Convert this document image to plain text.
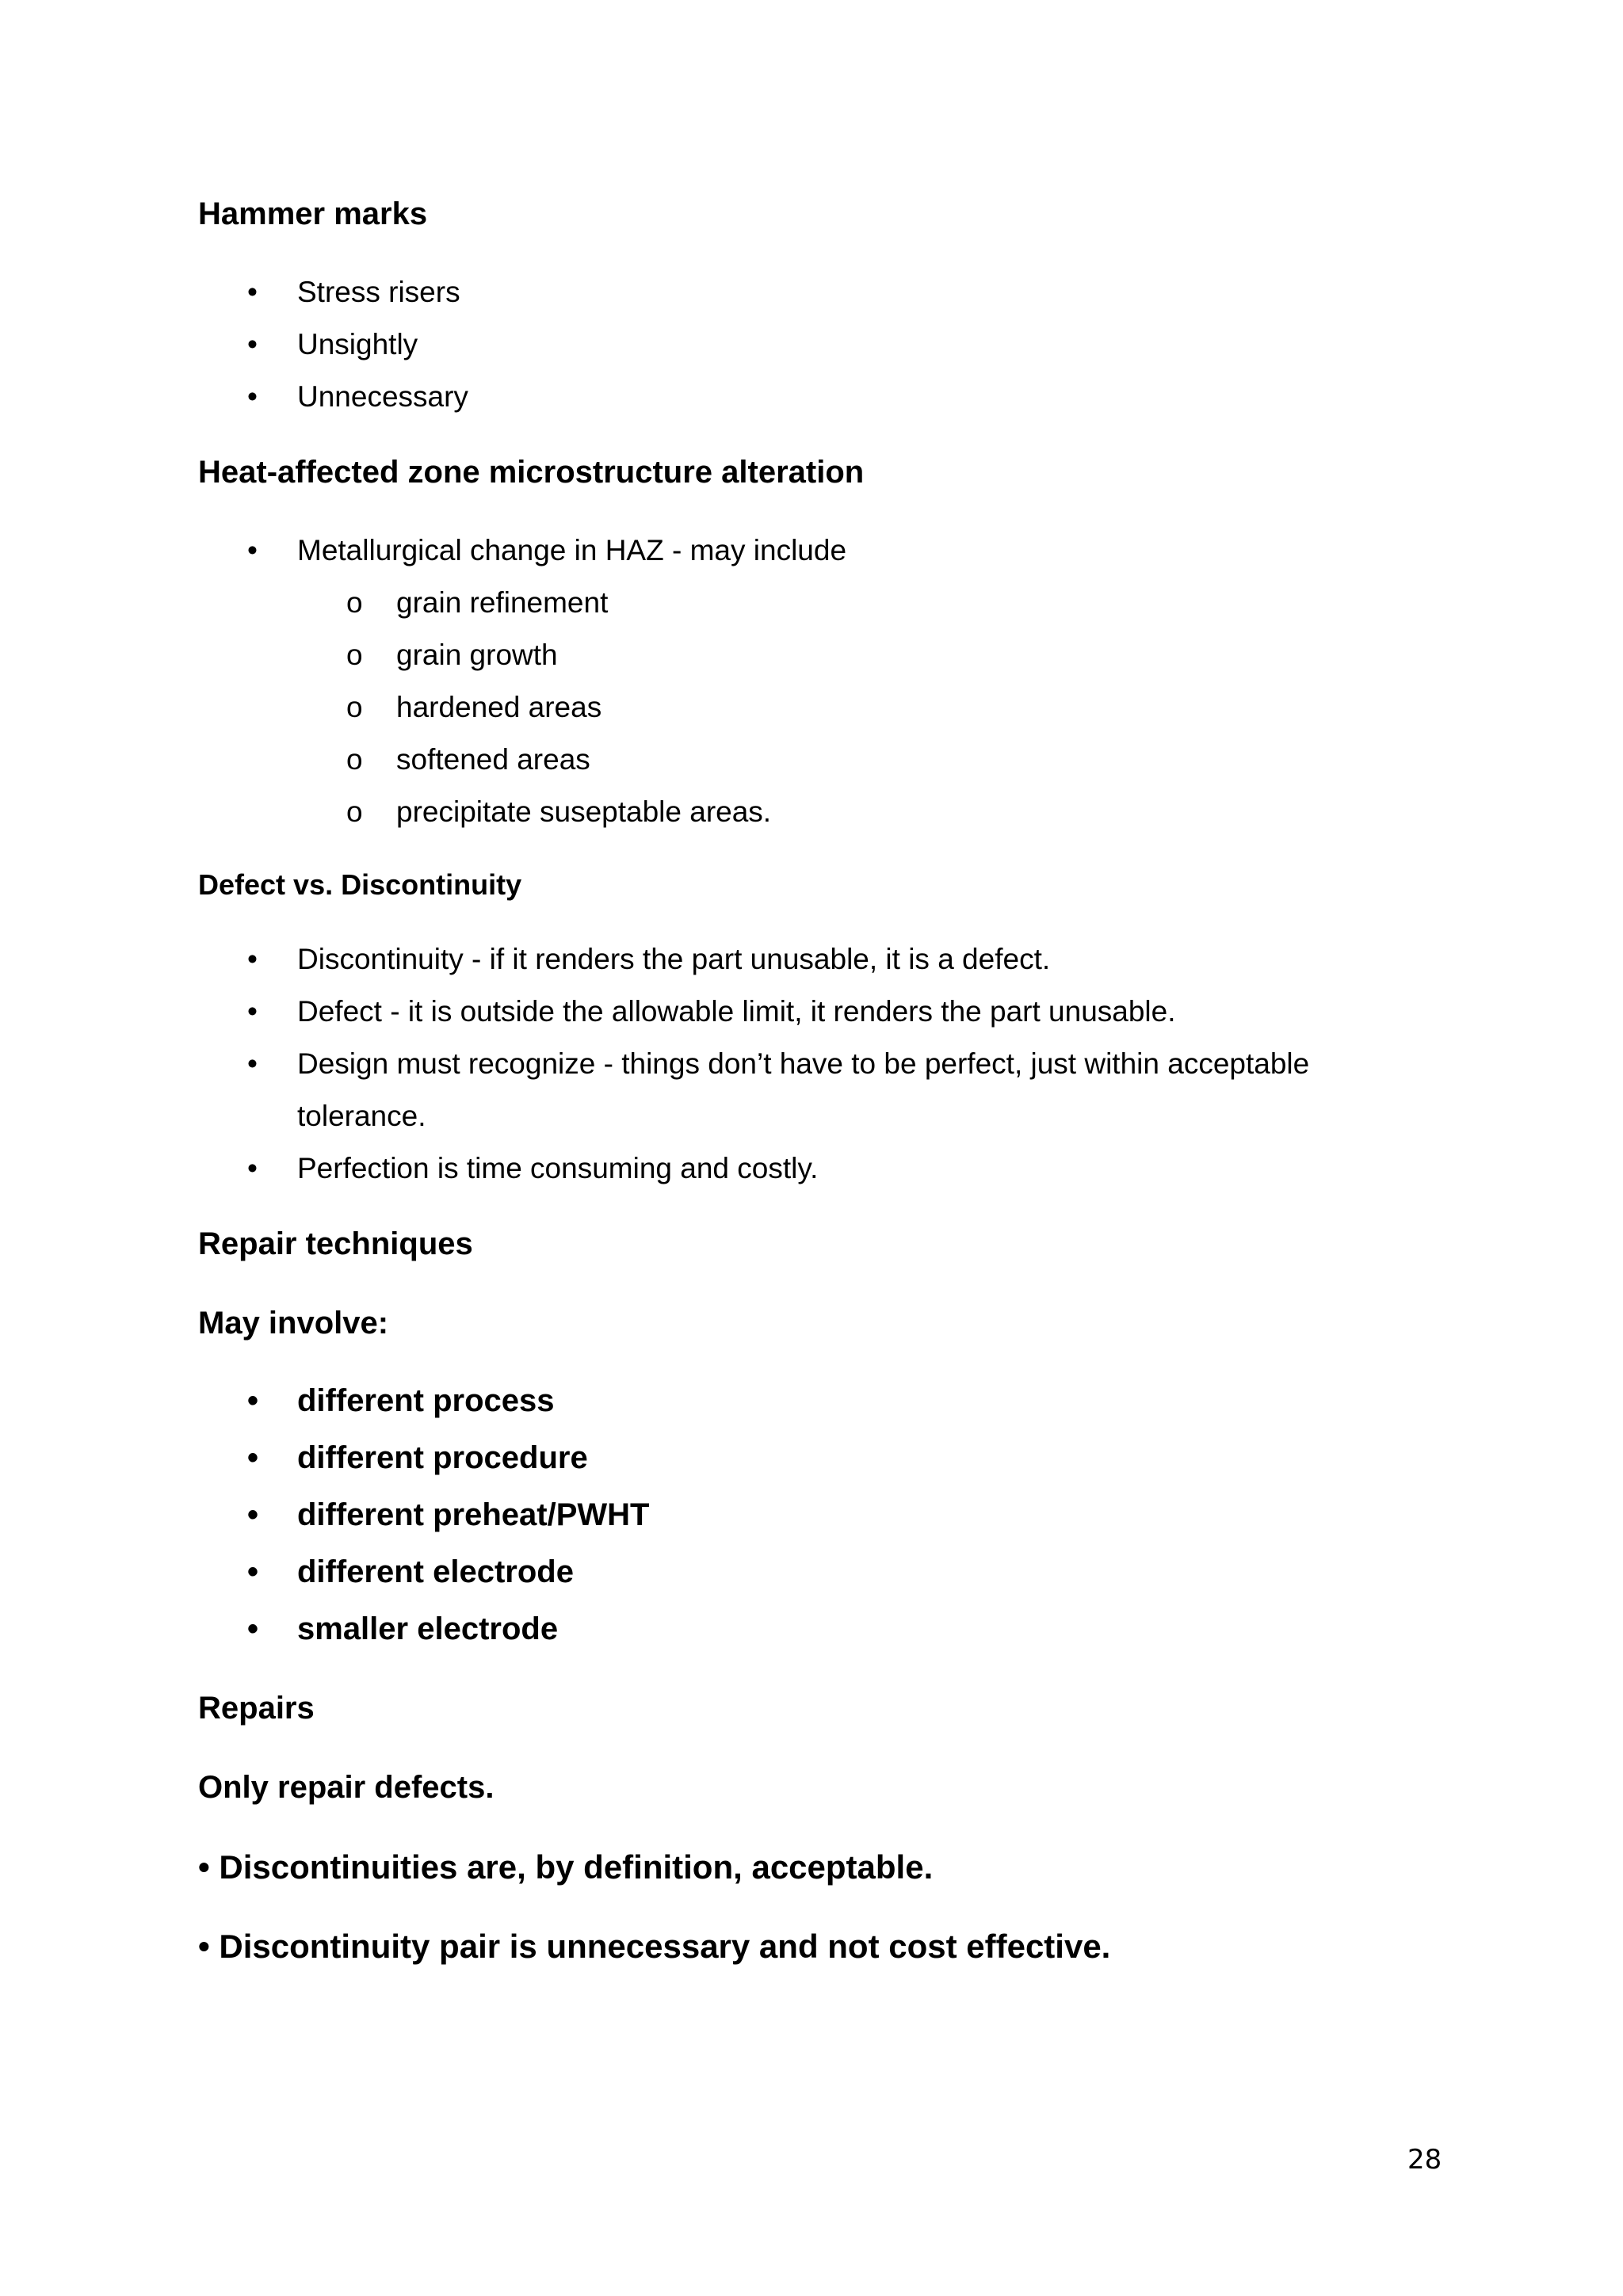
Hammer marks
• Stress risers
• Unsightly
• Unnecessary
Heat-affected zone microstructure alteration
• Metallurgical change in HAZ - may include
o grain refinement
o grain growth
o hardened areas
o softened areas
o precipitate suseptable areas.
Defect vs. Discontinuity
• Discontinuity - if it renders the part unusable, it is a defect.
• Defect - it is outside the allowable limit, it renders the part unusable.
• Design must recognize - things don’t have to be perfect, just within acceptable
tolerance.
• Perfection is time consuming and costly.
Repair techniques
May involve:
• different process
• different procedure
• different preheat/PWHT
• different electrode
• smaller electrode
Repairs

Only repair defects.

• Discontinuities are, by definition, acceptable.

• Discontinuity pair is unnecessary and not cost effective.

28
